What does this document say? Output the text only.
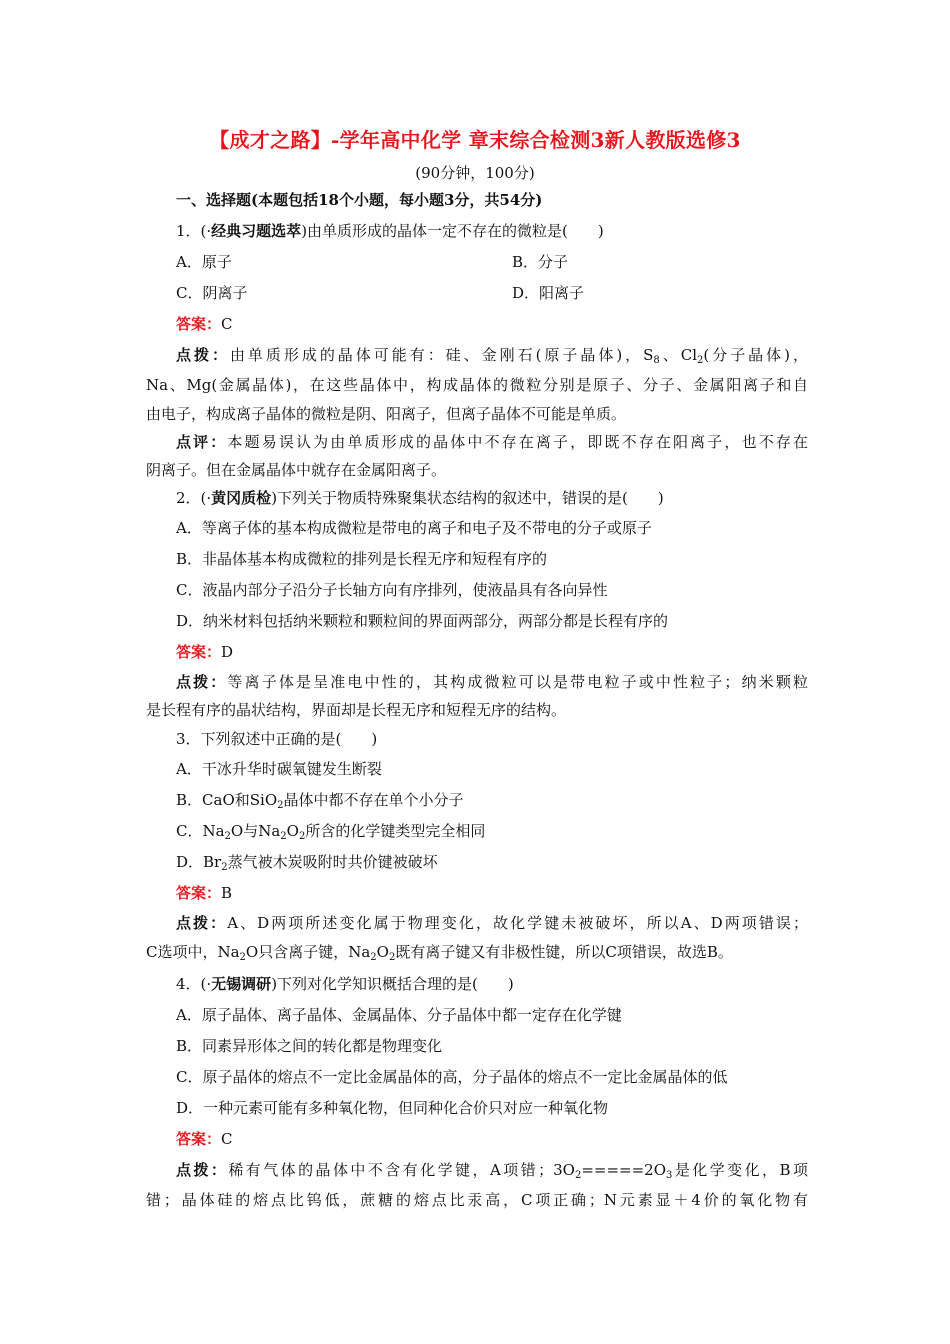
【成才之路】-学年高中化学 章末综合检测3新人教版选修3
(90分钟，100分)
一、选择题(本题包括18个小题，每小题3分，共54分)
1．(·经典习题选萃)由单质形成的晶体一定不存在的微粒是(　　)
A．原子	B．分子
C．阴离子	D．阳离子
答案：C
点拨：由单质形成的晶体可能有：硅、金刚石(原子晶体)，$S_8$、$Cl_2$(分子晶体)，
Na、Mg(金属晶体)，在这些晶体中，构成晶体的微粒分别是原子、分子、金属阳离子和自
由电子，构成离子晶体的微粒是阴、阳离子，但离子晶体不可能是单质。
点评：本题易误认为由单质形成的晶体中不存在离子，即既不存在阳离子，也不存在
阴离子。但在金属晶体中就存在金属阳离子。
2．(·黄冈质检)下列关于物质特殊聚集状态结构的叙述中，错误的是(　　)
A．等离子体的基本构成微粒是带电的离子和电子及不带电的分子或原子
B．非晶体基本构成微粒的排列是长程无序和短程有序的
C．液晶内部分子沿分子长轴方向有序排列，使液晶具有各向异性
D．纳米材料包括纳米颗粒和颗粒间的界面两部分，两部分都是长程有序的
答案：D
点拨：等离子体是呈准电中性的，其构成微粒可以是带电粒子或中性粒子；纳米颗粒
是长程有序的晶状结构，界面却是长程无序和短程无序的结构。
3．下列叙述中正确的是(　　)
A．干冰升华时碳氧键发生断裂
B．CaO和SiO$_2$晶体中都不存在单个小分子
C．$Na_2O$与$Na_2O_2$所含的化学键类型完全相同
D．$Br_2$蒸气被木炭吸附时共价键被破坏
答案：B
点拨：A、D两项所述变化属于物理变化，故化学键未被破坏，所以A、D两项错误；
C选项中，$Na_2O$只含离子键，$Na_2O_2$既有离子键又有非极性键，所以C项错误，故选B。
4．(·无锡调研)下列对化学知识概括合理的是(　　)
A．原子晶体、离子晶体、金属晶体、分子晶体中都一定存在化学键
B．同素异形体之间的转化都是物理变化
C．原子晶体的熔点不一定比金属晶体的高，分子晶体的熔点不一定比金属晶体的低
D．一种元素可能有多种氧化物，但同种化合价只对应一种氧化物
答案：C
点拨：稀有气体的晶体中不含有化学键，A项错；$3O_2=====2O_3$是化学变化，B项
错；晶体硅的熔点比钨低，蔗糖的熔点比汞高，C项正确；N元素显＋4价的氧化物有
